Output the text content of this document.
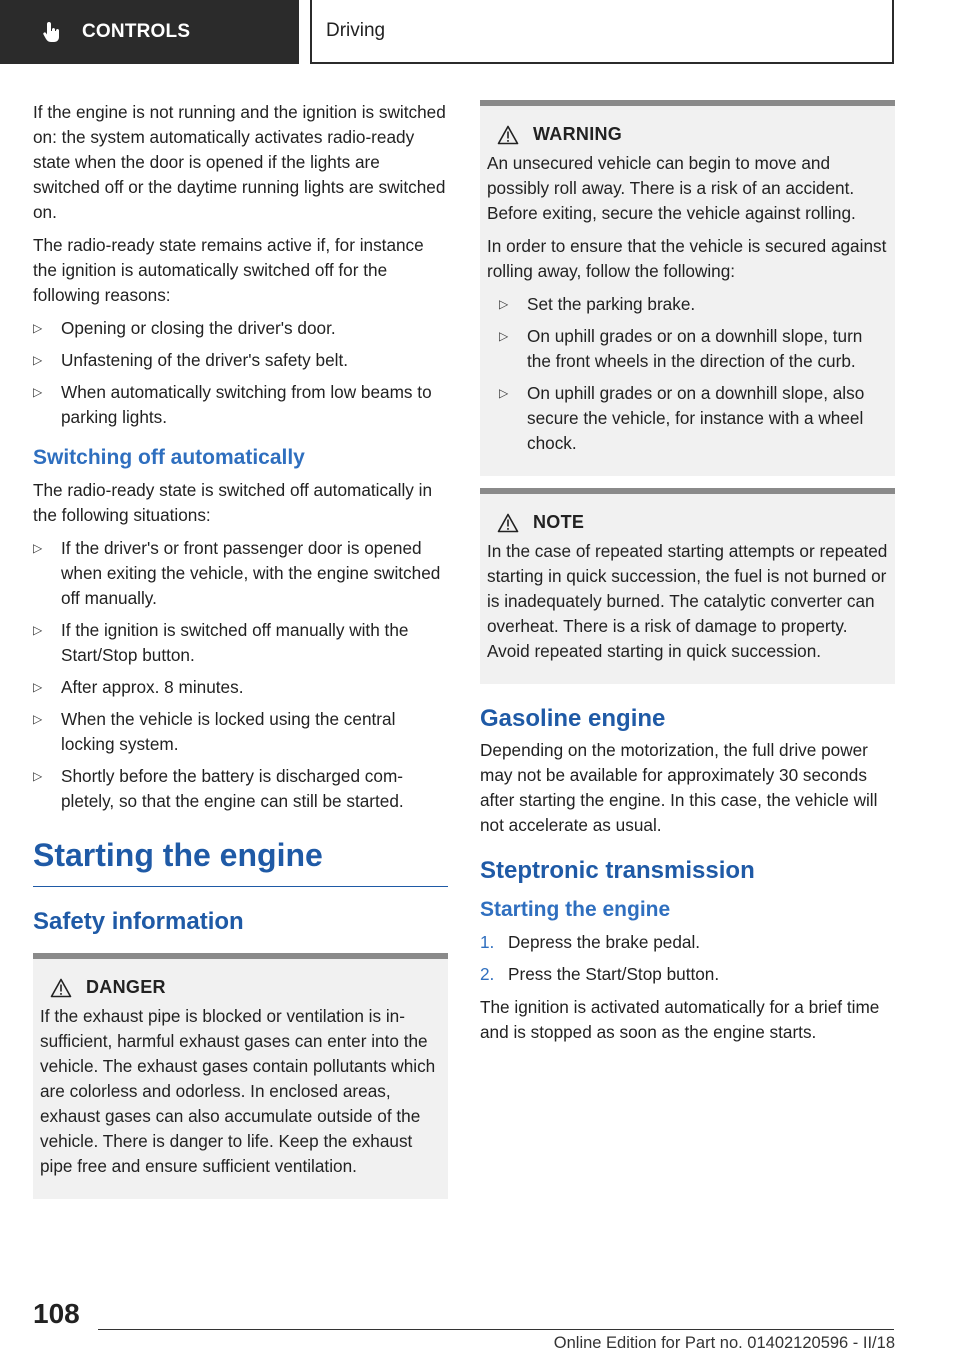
CONTROLS	Driving

If the engine is not running and the ignition is switched on: the system automatically activates radio-ready state when the door is opened if the lights are switched off or the daytime running lights are switched on.

The radio-ready state remains active if, for instance the ignition is automatically switched off for the following reasons:

▷ Opening or closing the driver's door.
▷ Unfastening of the driver's safety belt.
▷ When automatically switching from low beams to parking lights.
Switching off automatically

The radio-ready state is switched off automatically in the following situations:

▷ If the driver's or front passenger door is opened when exiting the vehicle, with the engine switched off manually.
▷ If the ignition is switched off manually with the Start/Stop button.
▷ After approx. 8 minutes.
▷ When the vehicle is locked using the central locking system.
▷ Shortly before the battery is discharged completely, so that the engine can still be started.
Starting the engine
Safety information
DANGER

If the exhaust pipe is blocked or ventilation is insufficient, harmful exhaust gases can enter into the vehicle. The exhaust gases contain pollutants which are colorless and odorless. In enclosed areas, exhaust gases can also accumulate outside of the vehicle. There is danger to life. Keep the exhaust pipe free and ensure sufficient ventilation.

WARNING

An unsecured vehicle can begin to move and possibly roll away. There is a risk of an accident. Before exiting, secure the vehicle against rolling.

In order to ensure that the vehicle is secured against rolling away, follow the following:

▷ Set the parking brake.
▷ On uphill grades or on a downhill slope, turn the front wheels in the direction of the curb.
▷ On uphill grades or on a downhill slope, also secure the vehicle, for instance with a wheel chock.
NOTE

In the case of repeated starting attempts or repeated starting in quick succession, the fuel is not burned or is inadequately burned. The catalytic converter can overheat. There is a risk of damage to property. Avoid repeated starting in quick succession.

Gasoline engine

Depending on the motorization, the full drive power may not be available for approximately 30 seconds after starting the engine. In this case, the vehicle will not accelerate as usual.

Steptronic transmission
Starting the engine
1. Depress the brake pedal.
2. Press the Start/Stop button.

The ignition is activated automatically for a brief time and is stopped as soon as the engine starts.

108
Online Edition for Part no. 01402120596 - II/18
